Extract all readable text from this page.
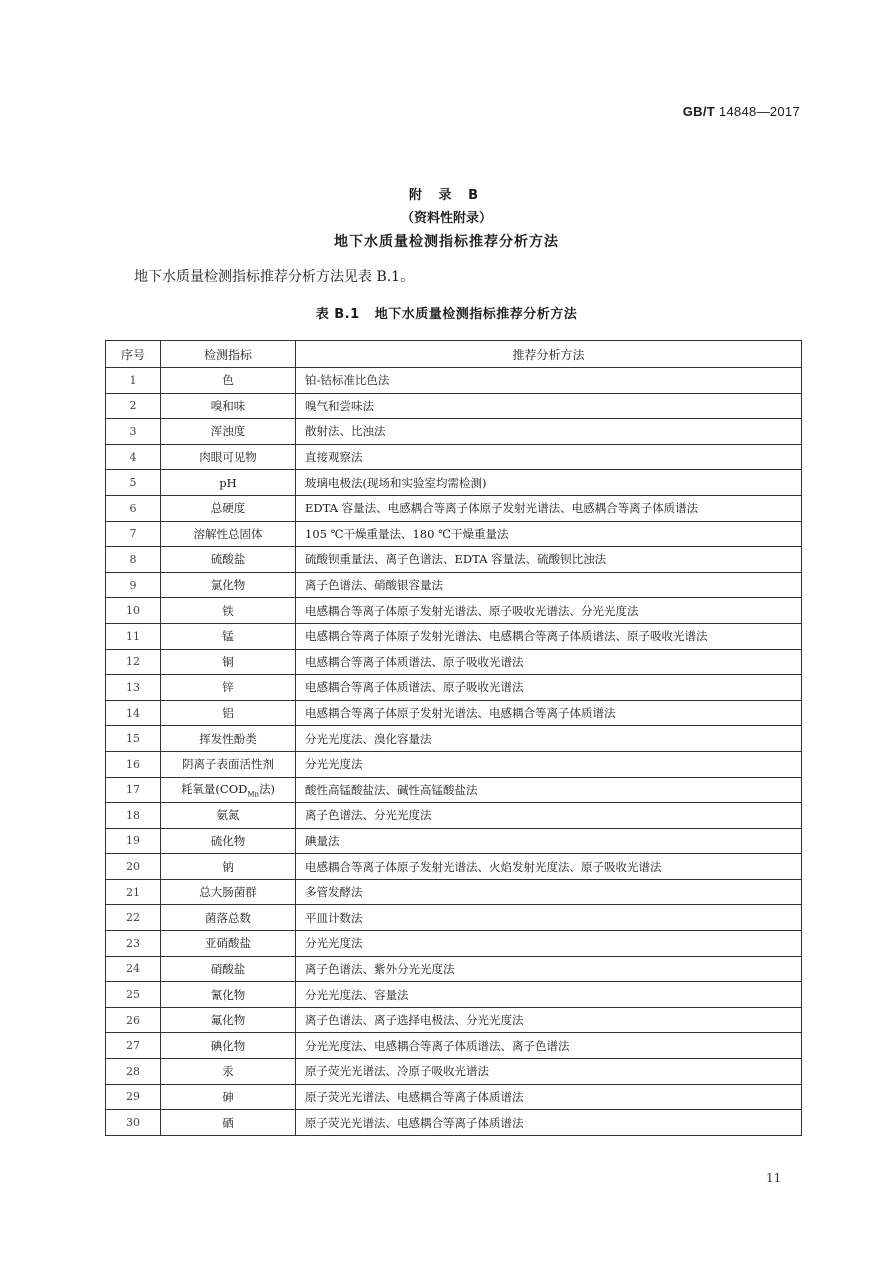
GB/T 14848—2017
附 录 B
（资料性附录）
地下水质量检测指标推荐分析方法
地下水质量检测指标推荐分析方法见表 B.1。
表 B.1   地下水质量检测指标推荐分析方法
序号	检测指标	推荐分析方法
1	色	铂-钴标准比色法
2	嗅和味	嗅气和尝味法
3	浑浊度	散射法、比浊法
4	肉眼可见物	直接观察法
5	pH	玻璃电极法(现场和实验室均需检测)
6	总硬度	EDTA 容量法、电感耦合等离子体原子发射光谱法、电感耦合等离子体质谱法
7	溶解性总固体	105 ℃干燥重量法、180 ℃干燥重量法
8	硫酸盐	硫酸钡重量法、离子色谱法、EDTA 容量法、硫酸钡比浊法
9	氯化物	离子色谱法、硝酸银容量法
10	铁	电感耦合等离子体原子发射光谱法、原子吸收光谱法、分光光度法
11	锰	电感耦合等离子体原子发射光谱法、电感耦合等离子体质谱法、原子吸收光谱法
12	铜	电感耦合等离子体质谱法、原子吸收光谱法
13	锌	电感耦合等离子体质谱法、原子吸收光谱法
14	铝	电感耦合等离子体原子发射光谱法、电感耦合等离子体质谱法
15	挥发性酚类	分光光度法、溴化容量法
16	阴离子表面活性剂	分光光度法
17	耗氧量($COD_{Mn}$法)	酸性高锰酸盐法、碱性高锰酸盐法
18	氨氮	离子色谱法、分光光度法
19	硫化物	碘量法
20	钠	电感耦合等离子体原子发射光谱法、火焰发射光度法、原子吸收光谱法
21	总大肠菌群	多管发酵法
22	菌落总数	平皿计数法
23	亚硝酸盐	分光光度法
24	硝酸盐	离子色谱法、紫外分光光度法
25	氰化物	分光光度法、容量法
26	氟化物	离子色谱法、离子选择电极法、分光光度法
27	碘化物	分光光度法、电感耦合等离子体质谱法、离子色谱法
28	汞	原子荧光光谱法、冷原子吸收光谱法
29	砷	原子荧光光谱法、电感耦合等离子体质谱法
30	硒	原子荧光光谱法、电感耦合等离子体质谱法
11
